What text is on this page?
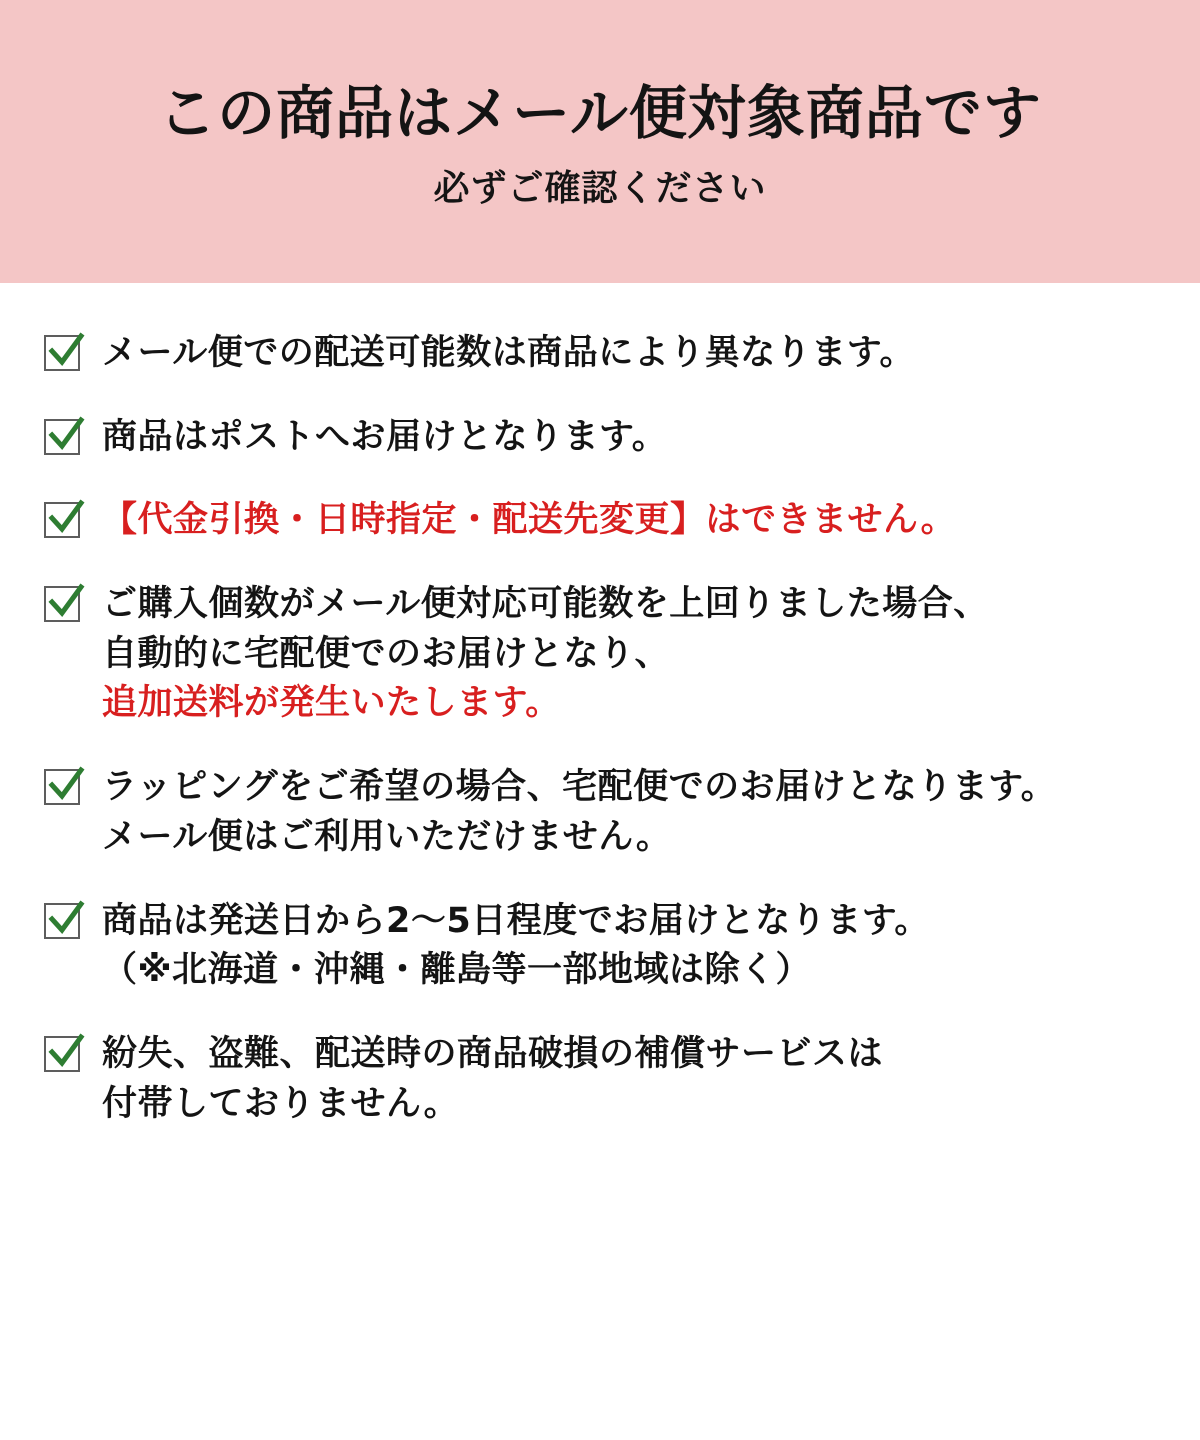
この商品はメール便対象商品です
必ずご確認ください
メール便での配送可能数は商品により異なります。
商品はポストへお届けとなります。
【代金引換・日時指定・配送先変更】はできません。
ご購入個数がメール便対応可能数を上回りました場合、
自動的に宅配便でのお届けとなり、
追加送料が発生いたします。
ラッピングをご希望の場合、宅配便でのお届けとなります。
メール便はご利用いただけません。
商品は発送日から2〜5日程度でお届けとなります。
（※北海道・沖縄・離島等一部地域は除く）
紛失、盗難、配送時の商品破損の補償サービスは
付帯しておりません。
